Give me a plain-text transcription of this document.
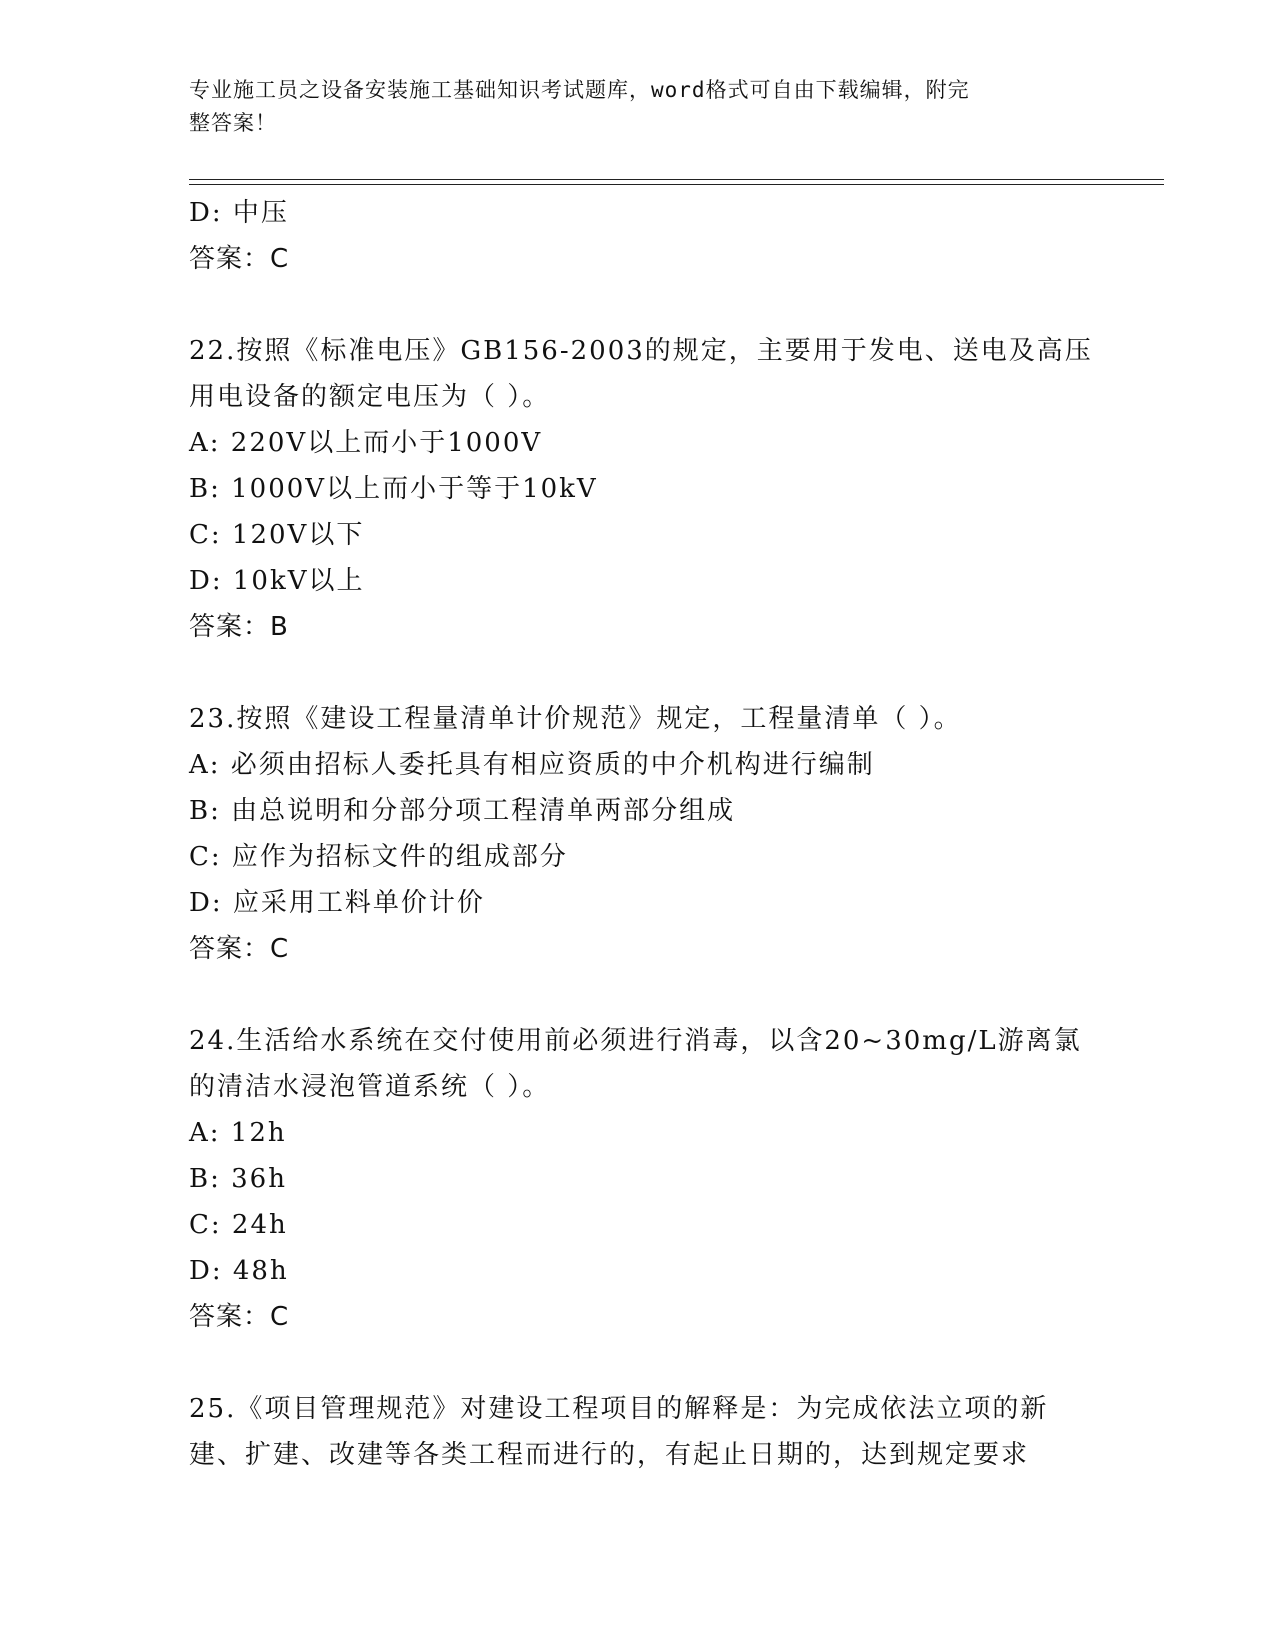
专业施工员之设备安装施工基础知识考试题库，word格式可自由下载编辑，附完
整答案！
D: 中压
答案：C
22.按照《标准电压》GB156-2003的规定，主要用于发电、送电及高压
用电设备的额定电压为（ ）。
A: 220V以上而小于1000V
B: 1000V以上而小于等于10kV
C: 120V以下
D: 10kV以上
答案：B
23.按照《建设工程量清单计价规范》规定，工程量清单（ ）。
A: 必须由招标人委托具有相应资质的中介机构进行编制
B: 由总说明和分部分项工程清单两部分组成
C: 应作为招标文件的组成部分
D: 应采用工料单价计价
答案：C
24.生活给水系统在交付使用前必须进行消毒，以含20~30mg/L游离氯
的清洁水浸泡管道系统（ ）。
A: 12h
B: 36h
C: 24h
D: 48h
答案：C
25.《项目管理规范》对建设工程项目的解释是：为完成依法立项的新
建、扩建、改建等各类工程而进行的，有起止日期的，达到规定要求
